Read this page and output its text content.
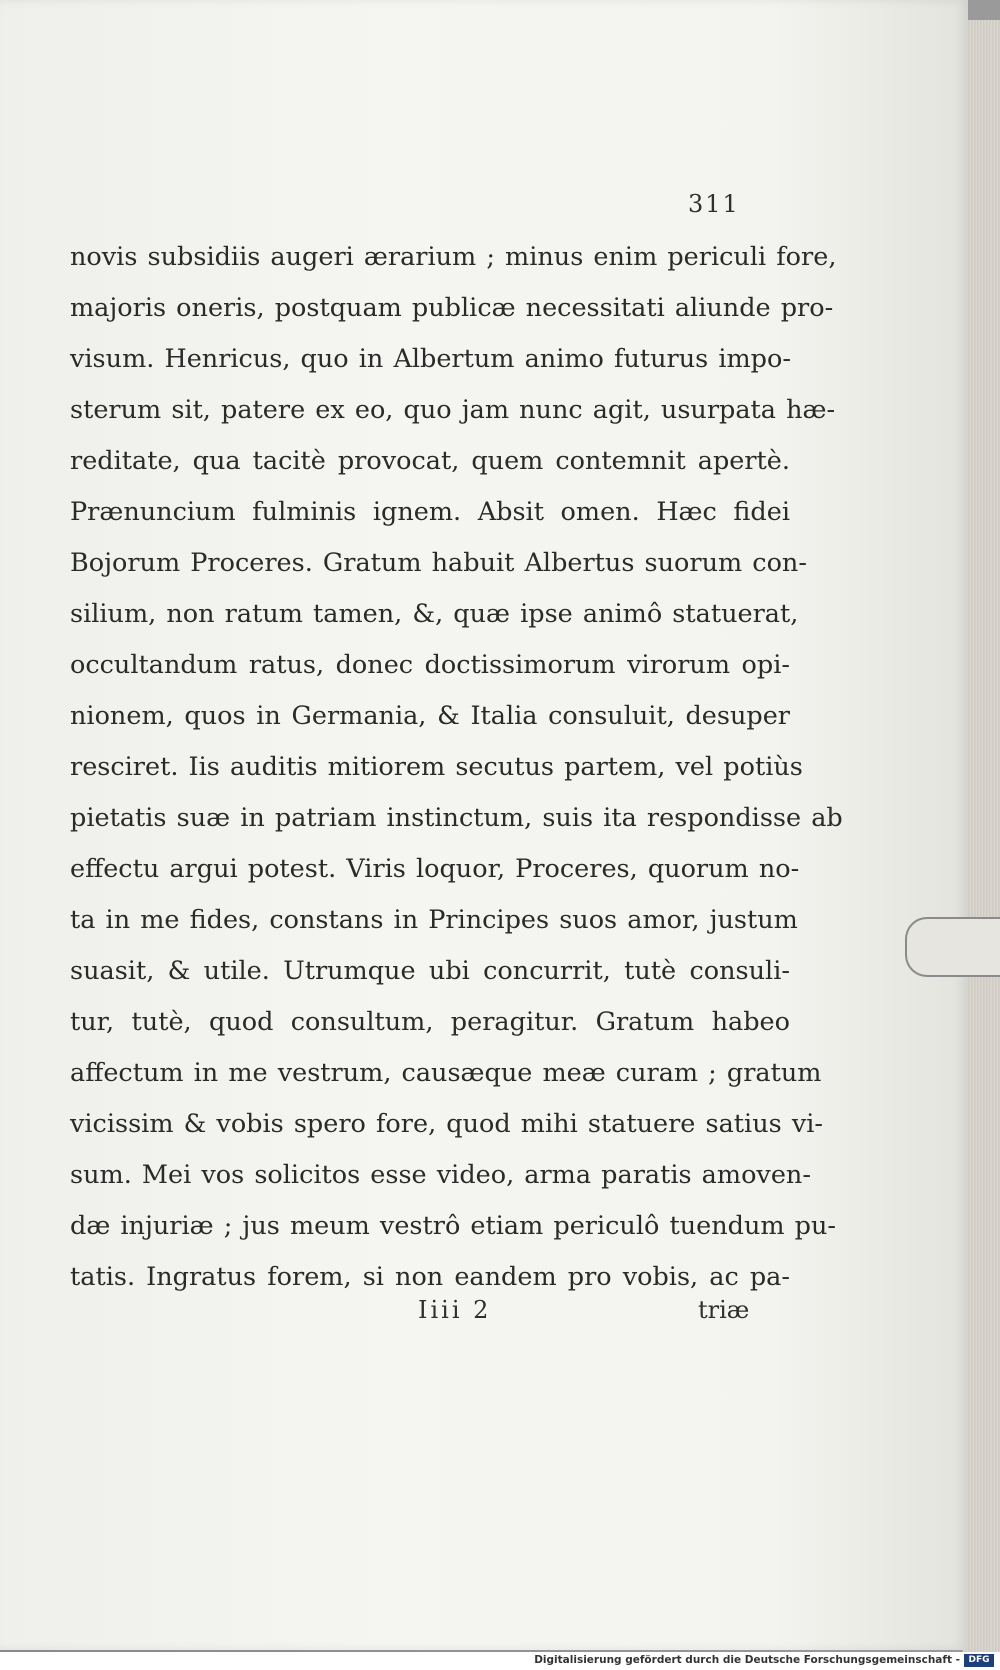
311
novis subsidiis augeri ærarium ; minus enim periculi fore,
majoris oneris, postquam publicæ necessitati aliunde pro-
visum. Henricus, quo in Albertum animo futurus impo-
sterum sit, patere ex eo, quo jam nunc agit, usurpata hæ-
reditate, qua tacitè provocat, quem contemnit apertè.
Prænuncium fulminis ignem. Absit omen. Hæc fidei
Bojorum Proceres. Gratum habuit Albertus suorum con-
silium, non ratum tamen, &, quæ ipse animô statuerat,
occultandum ratus, donec doctissimorum virorum opi-
nionem, quos in Germania, & Italia consuluit, desuper
resciret. Iis auditis mitiorem secutus partem, vel potiùs
pietatis suæ in patriam instinctum, suis ita respondisse ab
effectu argui potest. Viris loquor, Proceres, quorum no-
ta in me fides, constans in Principes suos amor, justum
suasit, & utile. Utrumque ubi concurrit, tutè consuli-
tur, tutè, quod consultum, peragitur. Gratum habeo
affectum in me vestrum, causæque meæ curam ; gratum
vicissim & vobis spero fore, quod mihi statuere satius vi-
sum. Mei vos solicitos esse video, arma paratis amoven-
dæ injuriæ ; jus meum vestrô etiam periculô tuendum pu-
tatis. Ingratus forem, si non eandem pro vobis, ac pa-
Iiii 2	triæ
Digitalisierung gefördert durch die Deutsche Forschungsgemeinschaft - DFG
